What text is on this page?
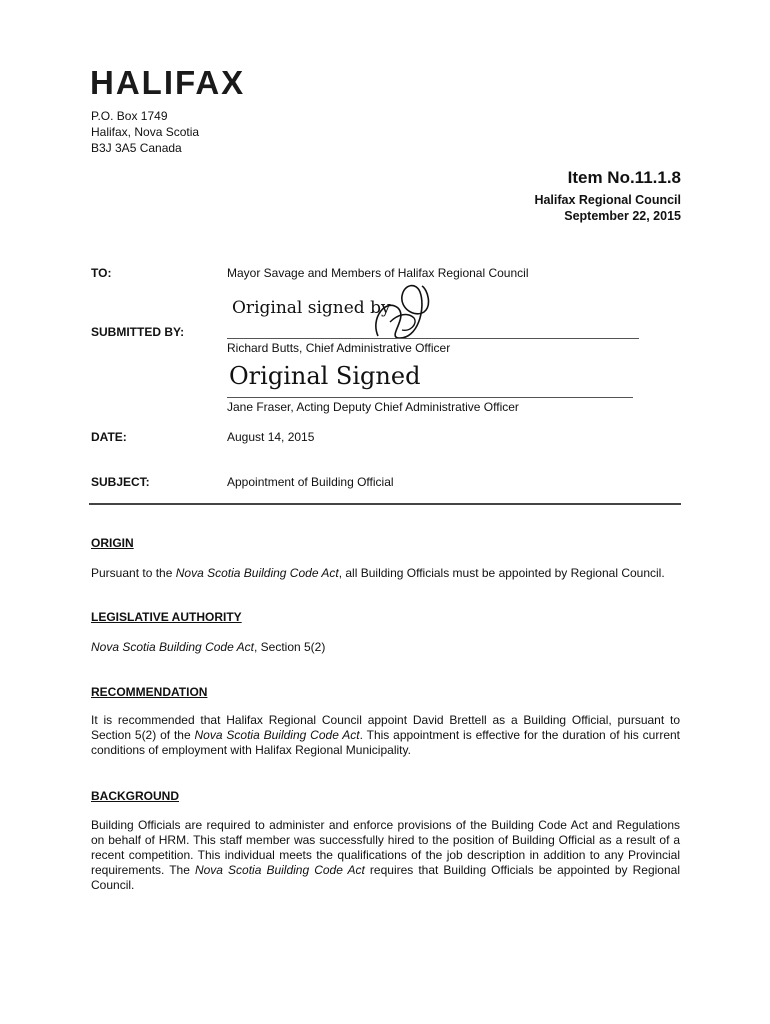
HALIFAX
P.O. Box 1749
Halifax, Nova Scotia
B3J 3A5 Canada
Item No.11.1.8
Halifax Regional Council
September 22, 2015
TO:	Mayor Savage and Members of Halifax Regional Council
Original signed by
SUBMITTED BY:
Richard Butts, Chief Administrative Officer
Original Signed
Jane Fraser, Acting Deputy Chief Administrative Officer
DATE:	August 14, 2015
SUBJECT:	Appointment of Building Official
ORIGIN
Pursuant to the Nova Scotia Building Code Act, all Building Officials must be appointed by Regional Council.
LEGISLATIVE AUTHORITY
Nova Scotia Building Code Act, Section 5(2)
RECOMMENDATION
It is recommended that Halifax Regional Council appoint David Brettell as a Building Official, pursuant to Section 5(2) of the Nova Scotia Building Code Act. This appointment is effective for the duration of his current conditions of employment with Halifax Regional Municipality.
BACKGROUND
Building Officials are required to administer and enforce provisions of the Building Code Act and Regulations on behalf of HRM. This staff member was successfully hired to the position of Building Official as a result of a recent competition. This individual meets the qualifications of the job description in addition to any Provincial requirements. The Nova Scotia Building Code Act requires that Building Officials be appointed by Regional Council.
